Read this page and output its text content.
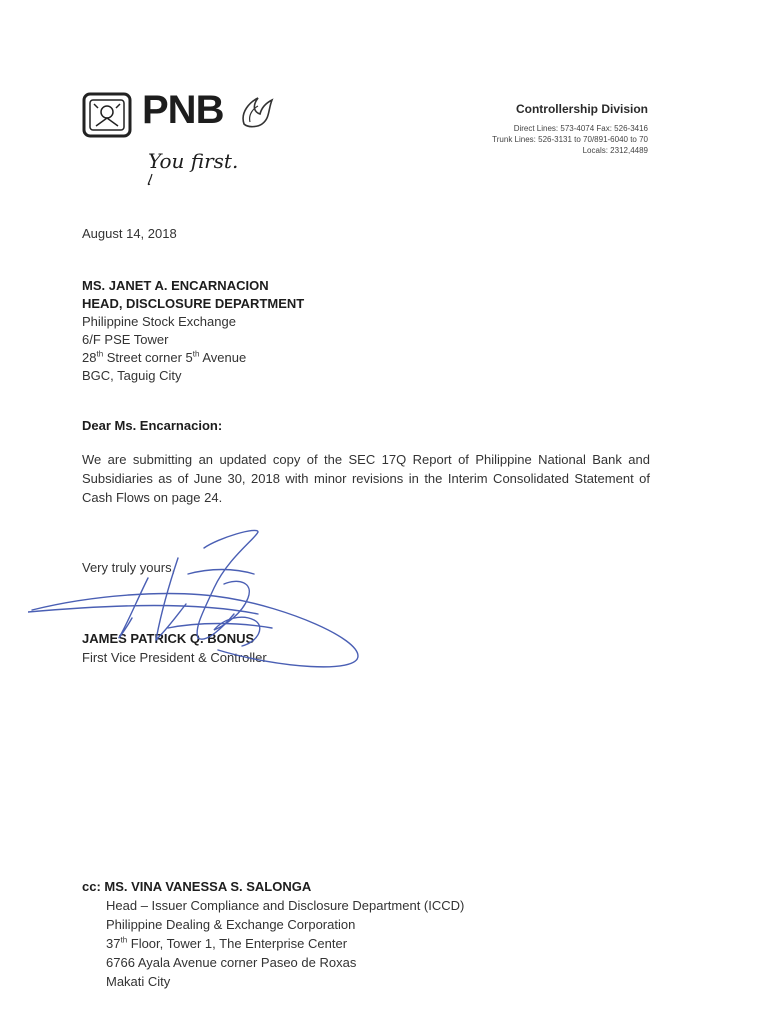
PNB
You first.
Controllership Division
Direct Lines: 573-4074 Fax: 526-3416
Trunk Lines: 526-3131 to 70/891-6040 to 70
Locals: 2312,4489
August 14, 2018
MS. JANET A. ENCARNACION
HEAD, DISCLOSURE DEPARTMENT
Philippine Stock Exchange
6/F PSE Tower
28th Street corner 5th Avenue
BGC, Taguig City
Dear Ms. Encarnacion:

We are submitting an updated copy of the SEC 17Q Report of Philippine National Bank and Subsidiaries as of June 30, 2018 with minor revisions in the Interim Consolidated Statement of Cash Flows on page 24.

Very truly yours,
JAMES PATRICK Q. BONUS
First Vice President & Controller
cc: MS. VINA VANESSA S. SALONGA
Head – Issuer Compliance and Disclosure Department (ICCD)
Philippine Dealing & Exchange Corporation
37th Floor, Tower 1, The Enterprise Center
6766 Ayala Avenue corner Paseo de Roxas
Makati City
